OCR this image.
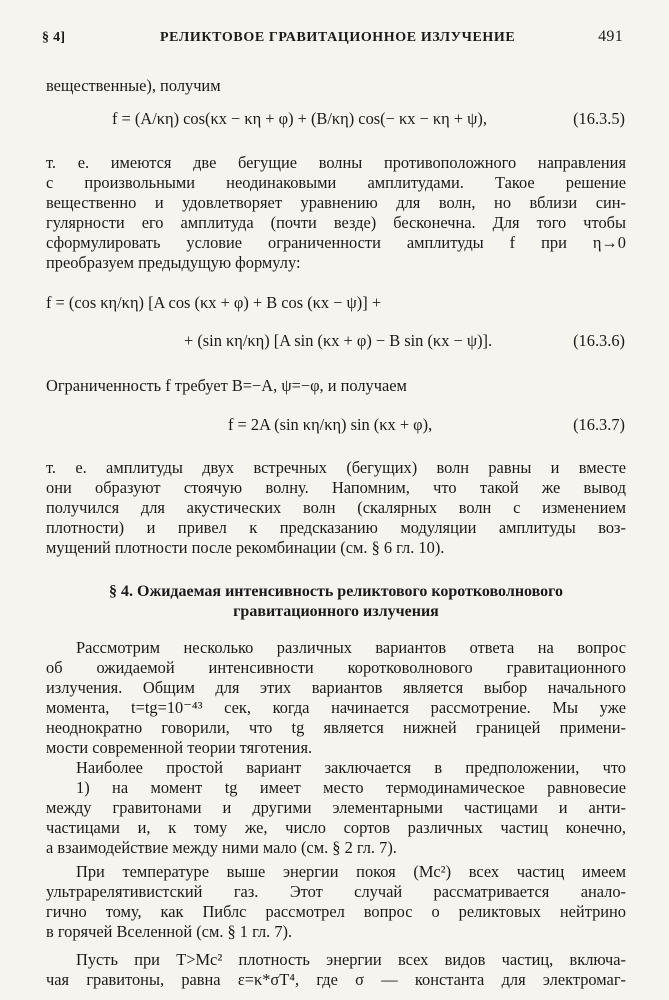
§ 4]	РЕЛИКТОВОЕ ГРАВИТАЦИОННОЕ ИЗЛУЧЕНИЕ	491
вещественные), получим
f = (A/κη) cos(κx − κη + φ) + (B/κη) cos(− κx − κη + ψ),	(16.3.5)
т. е. имеются две бегущие волны противоположного направления
с произвольными неодинаковыми амплитудами. Такое решение
вещественно и удовлетворяет уравнению для волн, но вблизи син-
гулярности его амплитуда (почти везде) бесконечна. Для того чтобы
сформулировать условие ограниченности амплитуды f при η→0
преобразуем предыдущую формулу:
f = (cos κη/κη) [A cos (κx + φ) + B cos (κx − ψ)] +
+ (sin κη/κη) [A sin (κx + φ) − B sin (κx − ψ)].	(16.3.6)
Ограниченность f требует B=−A, ψ=−φ, и получаем
f = 2A (sin κη/κη) sin (κx + φ),	(16.3.7)
т. е. амплитуды двух встречных (бегущих) волн равны и вместе
они образуют стоячую волну. Напомним, что такой же вывод
получился для акустических волн (скалярных волн с изменением
плотности) и привел к предсказанию модуляции амплитуды воз-
мущений плотности после рекомбинации (см. § 6 гл. 10).
§ 4. Ожидаемая интенсивность реликтового коротковолнового
гравитационного излучения
Рассмотрим несколько различных вариантов ответа на вопрос
об ожидаемой интенсивности коротковолнового гравитационного
излучения. Общим для этих вариантов является выбор начального
момента, t=tg=10⁻⁴³ сек, когда начинается рассмотрение. Мы уже
неоднократно говорили, что tg является нижней границей примени-
мости современной теории тяготения.
Наиболее простой вариант заключается в предположении, что
1) на момент tg имеет место термодинамическое равновесие
между гравитонами и другими элементарными частицами и анти-
частицами и, к тому же, число сортов различных частиц конечно,
а взаимодействие между ними мало (см. § 2 гл. 7).
При температуре выше энергии покоя (Mc²) всех частиц имеем
ультрарелятивистский газ. Этот случай рассматривается анало-
гично тому, как Пиблс рассмотрел вопрос о реликтовых нейтрино
в горячей Вселенной (см. § 1 гл. 7).
Пусть при T>Mc² плотность энергии всех видов частиц, включа-
чая гравитоны, равна ε=κ*σT⁴, где σ — константа для электромаг-
